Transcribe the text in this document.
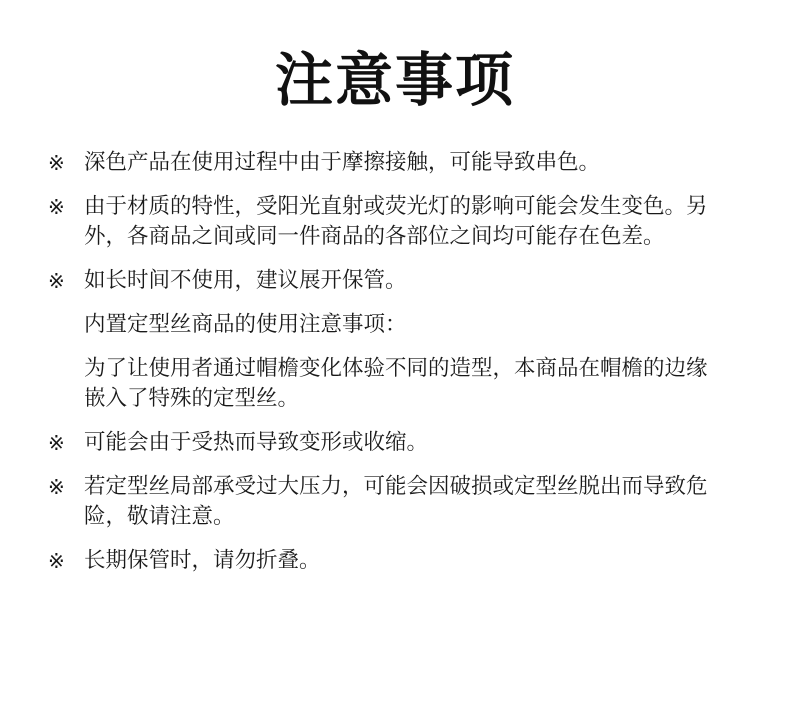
注意事项
※ 深色产品在使用过程中由于摩擦接触，可能导致串色。
※ 由于材质的特性，受阳光直射或荧光灯的影响可能会发生变色。另外，各商品之间或同一件商品的各部位之间均可能存在色差。
※ 如长时间不使用，建议展开保管。
内置定型丝商品的使用注意事项：
为了让使用者通过帽檐变化体验不同的造型，本商品在帽檐的边缘嵌入了特殊的定型丝。
※ 可能会由于受热而导致变形或收缩。
※ 若定型丝局部承受过大压力，可能会因破损或定型丝脱出而导致危险，敬请注意。
※ 长期保管时，请勿折叠。
